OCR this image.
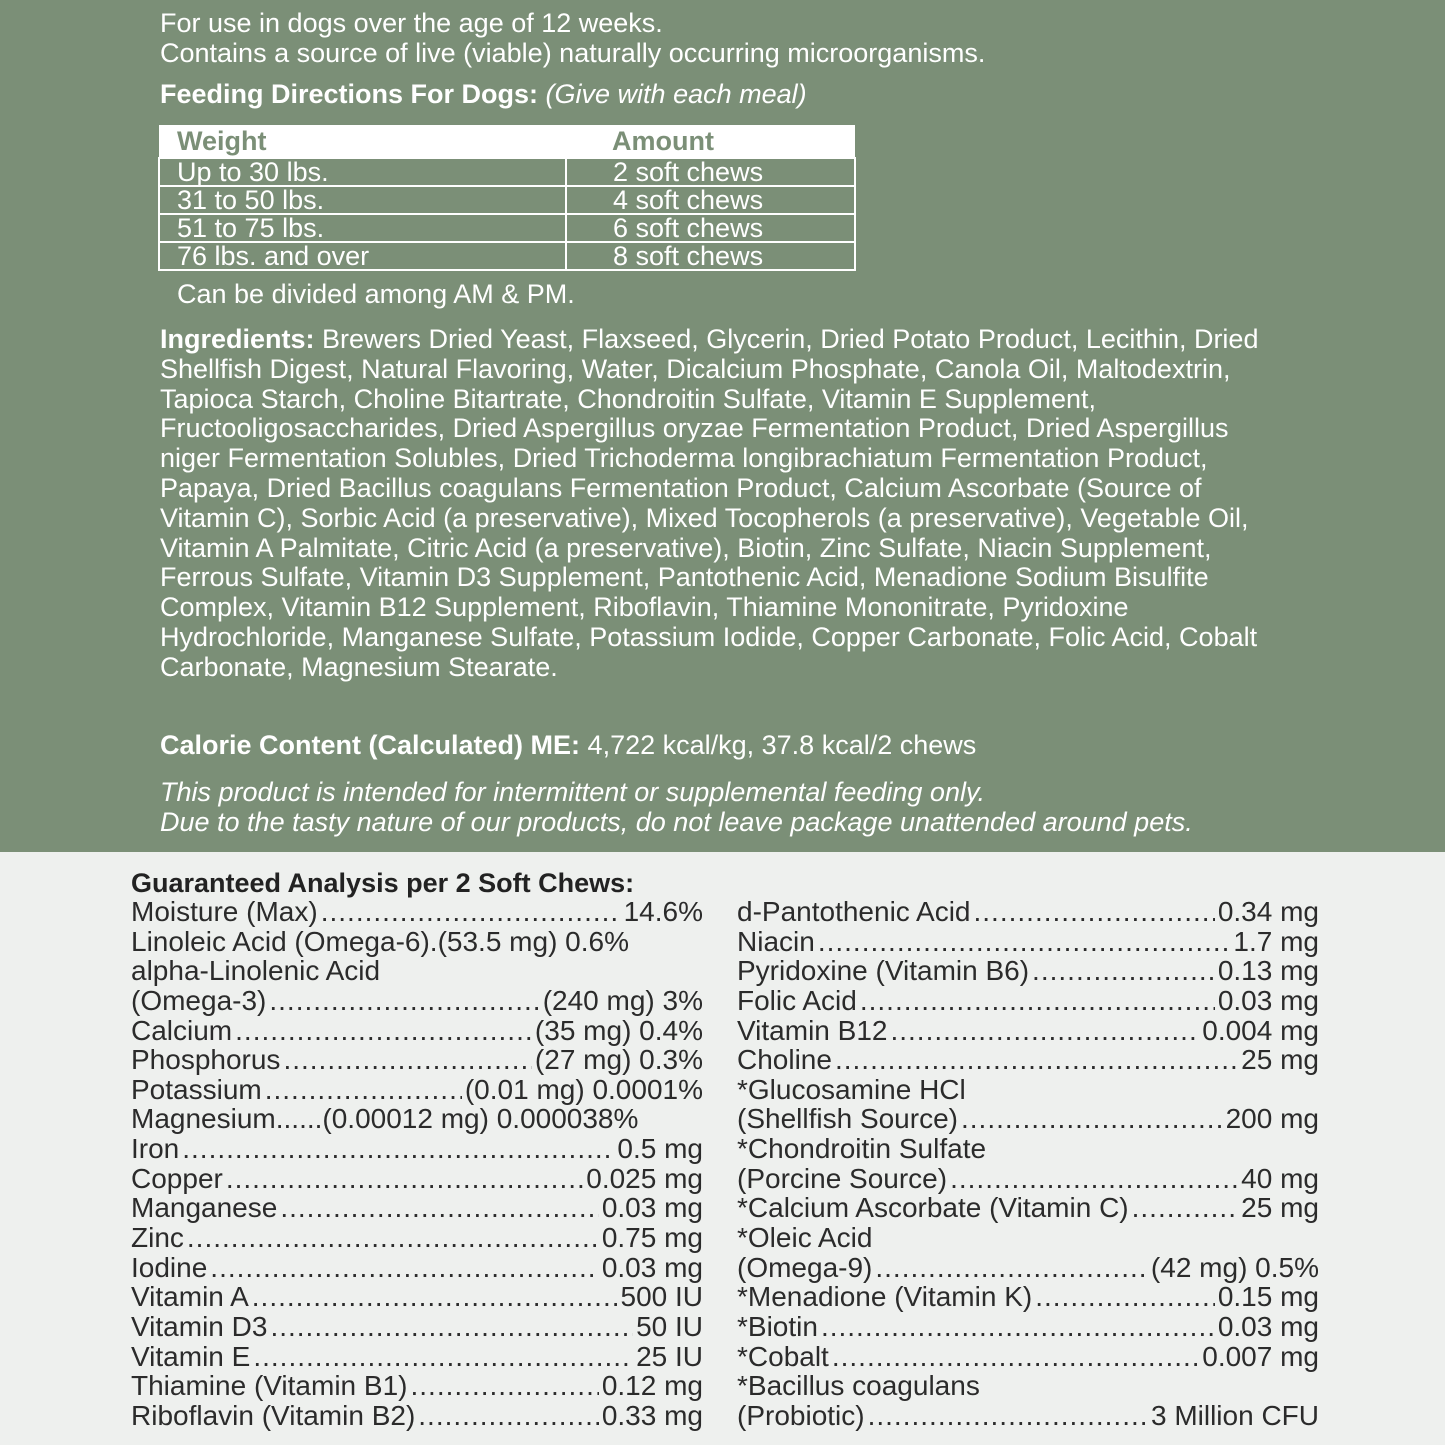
For use in dogs over the age of 12 weeks.
Contains a source of live (viable) naturally occurring microorganisms.
Feeding Directions For Dogs: (Give with each meal)
Weight	Amount
Up to 30 lbs.	2 soft chews
31 to 50 lbs.	4 soft chews
51 to 75 lbs.	6 soft chews
76 lbs. and over	8 soft chews
Can be divided among AM & PM.
Ingredients: Brewers Dried Yeast, Flaxseed, Glycerin, Dried Potato Product, Lecithin, Dried Shellfish Digest, Natural Flavoring, Water, Dicalcium Phosphate, Canola Oil, Maltodextrin, Tapioca Starch, Choline Bitartrate, Chondroitin Sulfate, Vitamin E Supplement, Fructooligosaccharides, Dried Aspergillus oryzae Fermentation Product, Dried Aspergillus niger Fermentation Solubles, Dried Trichoderma longibrachiatum Fermentation Product, Papaya, Dried Bacillus coagulans Fermentation Product, Calcium Ascorbate (Source of Vitamin C), Sorbic Acid (a preservative), Mixed Tocopherols (a preservative), Vegetable Oil, Vitamin A Palmitate, Citric Acid (a preservative), Biotin, Zinc Sulfate, Niacin Supplement, Ferrous Sulfate, Vitamin D3 Supplement, Pantothenic Acid, Menadione Sodium Bisulfite Complex, Vitamin B12 Supplement, Riboflavin, Thiamine Mononitrate, Pyridoxine Hydrochloride, Manganese Sulfate, Potassium Iodide, Copper Carbonate, Folic Acid, Cobalt Carbonate, Magnesium Stearate.
Calorie Content (Calculated) ME: 4,722 kcal/kg, 37.8 kcal/2 chews
This product is intended for intermittent or supplemental feeding only.
Due to the tasty nature of our products, do not leave package unattended around pets.
Guaranteed Analysis per 2 Soft Chews:
Moisture (Max) .....	14.6%
Linoleic Acid (Omega-6).(53.5 mg) 0.6%
alpha-Linolenic Acid
(Omega-3) .....	(240 mg) 3%
Calcium .....	(35 mg) 0.4%
Phosphorus .....	(27 mg) 0.3%
Potassium .....	(0.01 mg) 0.0001%
Magnesium......(0.00012 mg) 0.000038%
Iron .....	0.5 mg
Copper .....	0.025 mg
Manganese .....	0.03 mg
Zinc .....	0.75 mg
Iodine .....	0.03 mg
Vitamin A .....	500 IU
Vitamin D3 .....	50 IU
Vitamin E .....	25 IU
Thiamine (Vitamin B1) .....	0.12 mg
Riboflavin (Vitamin B2) .....	0.33 mg
d-Pantothenic Acid .....	0.34 mg
Niacin .....	1.7 mg
Pyridoxine (Vitamin B6) .....	0.13 mg
Folic Acid .....	0.03 mg
Vitamin B12 .....	0.004 mg
Choline .....	25 mg
*Glucosamine HCl
(Shellfish Source) .....	200 mg
*Chondroitin Sulfate
(Porcine Source) .....	40 mg
*Calcium Ascorbate (Vitamin C) .....	25 mg
*Oleic Acid
(Omega-9) .....	(42 mg) 0.5%
*Menadione (Vitamin K) .....	0.15 mg
*Biotin .....	0.03 mg
*Cobalt .....	0.007 mg
*Bacillus coagulans
(Probiotic) .....	3 Million CFU
